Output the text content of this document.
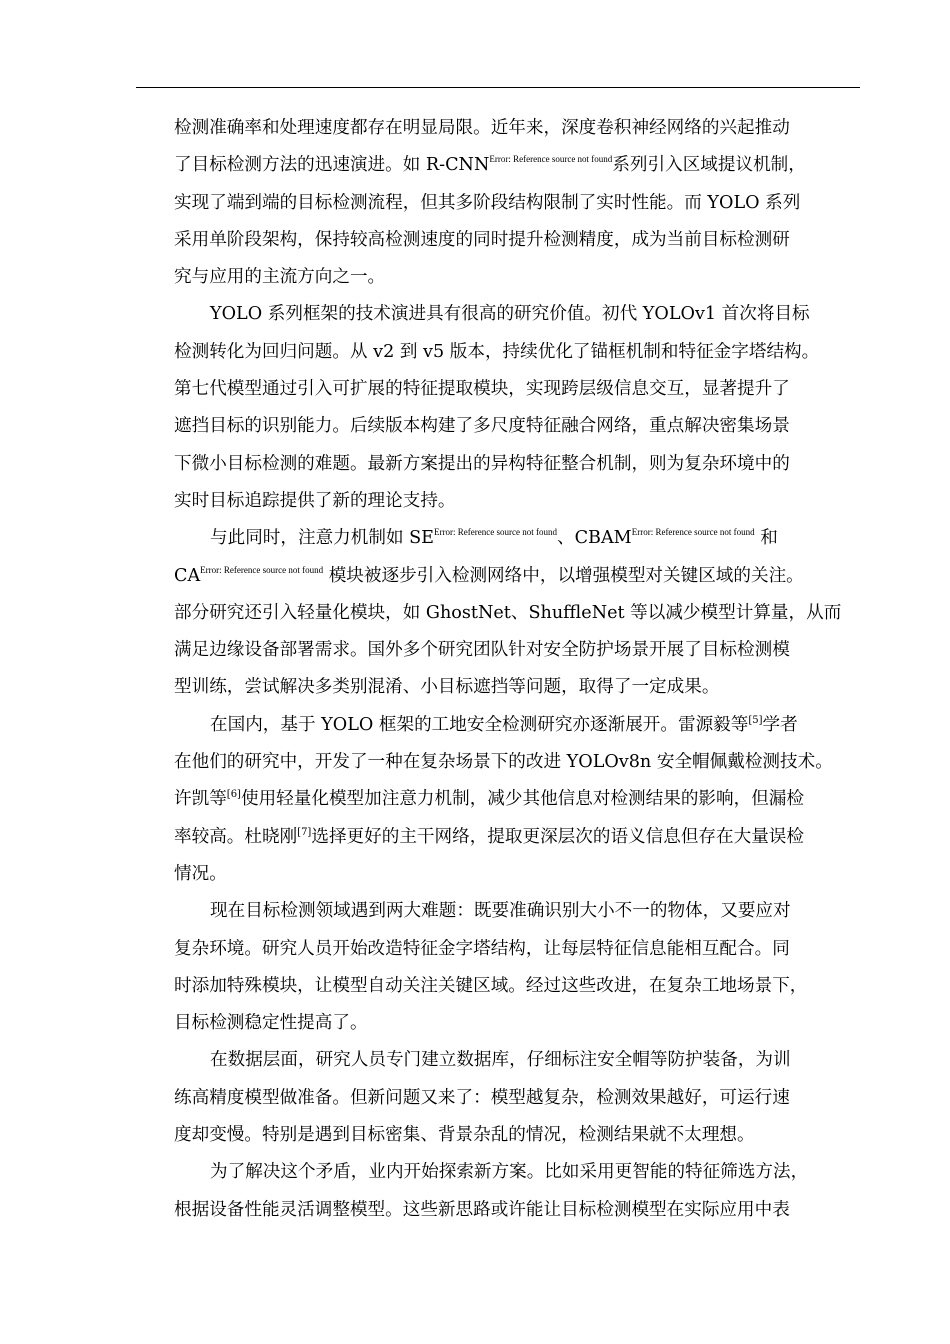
检测准确率和处理速度都存在明显局限。近年来，深度卷积神经网络的兴起推动
了目标检测方法的迅速演进。如 R-CNN$^{Error: Reference source not found}$系列引入区域提议机制，
实现了端到端的目标检测流程，但其多阶段结构限制了实时性能。而 YOLO 系列
采用单阶段架构，保持较高检测速度的同时提升检测精度，成为当前目标检测研
究与应用的主流方向之一。
YOLO 系列框架的技术演进具有很高的研究价值。初代 YOLOv1 首次将目标
检测转化为回归问题。从 v2 到 v5 版本，持续优化了锚框机制和特征金字塔结构。
第七代模型通过引入可扩展的特征提取模块，实现跨层级信息交互，显著提升了
遮挡目标的识别能力。后续版本构建了多尺度特征融合网络，重点解决密集场景
下微小目标检测的难题。最新方案提出的异构特征整合机制，则为复杂环境中的
实时目标追踪提供了新的理论支持。
与此同时，注意力机制如 SE$^{Error: Reference source not found}$、CBAM$^{Error: Reference source not found}$ 和
CA$^{Error: Reference source not found}$ 模块被逐步引入检测网络中，以增强模型对关键区域的关注。
部分研究还引入轻量化模块，如 GhostNet、ShuffleNet 等以减少模型计算量，从而
满足边缘设备部署需求。国外多个研究团队针对安全防护场景开展了目标检测模
型训练，尝试解决多类别混淆、小目标遮挡等问题，取得了一定成果。
在国内，基于 YOLO 框架的工地安全检测研究亦逐渐展开。雷源毅等[5]学者
在他们的研究中，开发了一种在复杂场景下的改进 YOLOv8n 安全帽佩戴检测技术。
许凯等[6]使用轻量化模型加注意力机制，减少其他信息对检测结果的影响，但漏检
率较高。杜晓刚[7]选择更好的主干网络，提取更深层次的语义信息但存在大量误检
情况。
现在目标检测领域遇到两大难题：既要准确识别大小不一的物体，又要应对
复杂环境。研究人员开始改造特征金字塔结构，让每层特征信息能相互配合。同
时添加特殊模块，让模型自动关注关键区域。经过这些改进，在复杂工地场景下，
目标检测稳定性提高了。
在数据层面，研究人员专门建立数据库，仔细标注安全帽等防护装备，为训
练高精度模型做准备。但新问题又来了：模型越复杂，检测效果越好，可运行速
度却变慢。特别是遇到目标密集、背景杂乱的情况，检测结果就不太理想。
为了解决这个矛盾，业内开始探索新方案。比如采用更智能的特征筛选方法，
根据设备性能灵活调整模型。这些新思路或许能让目标检测模型在实际应用中表
